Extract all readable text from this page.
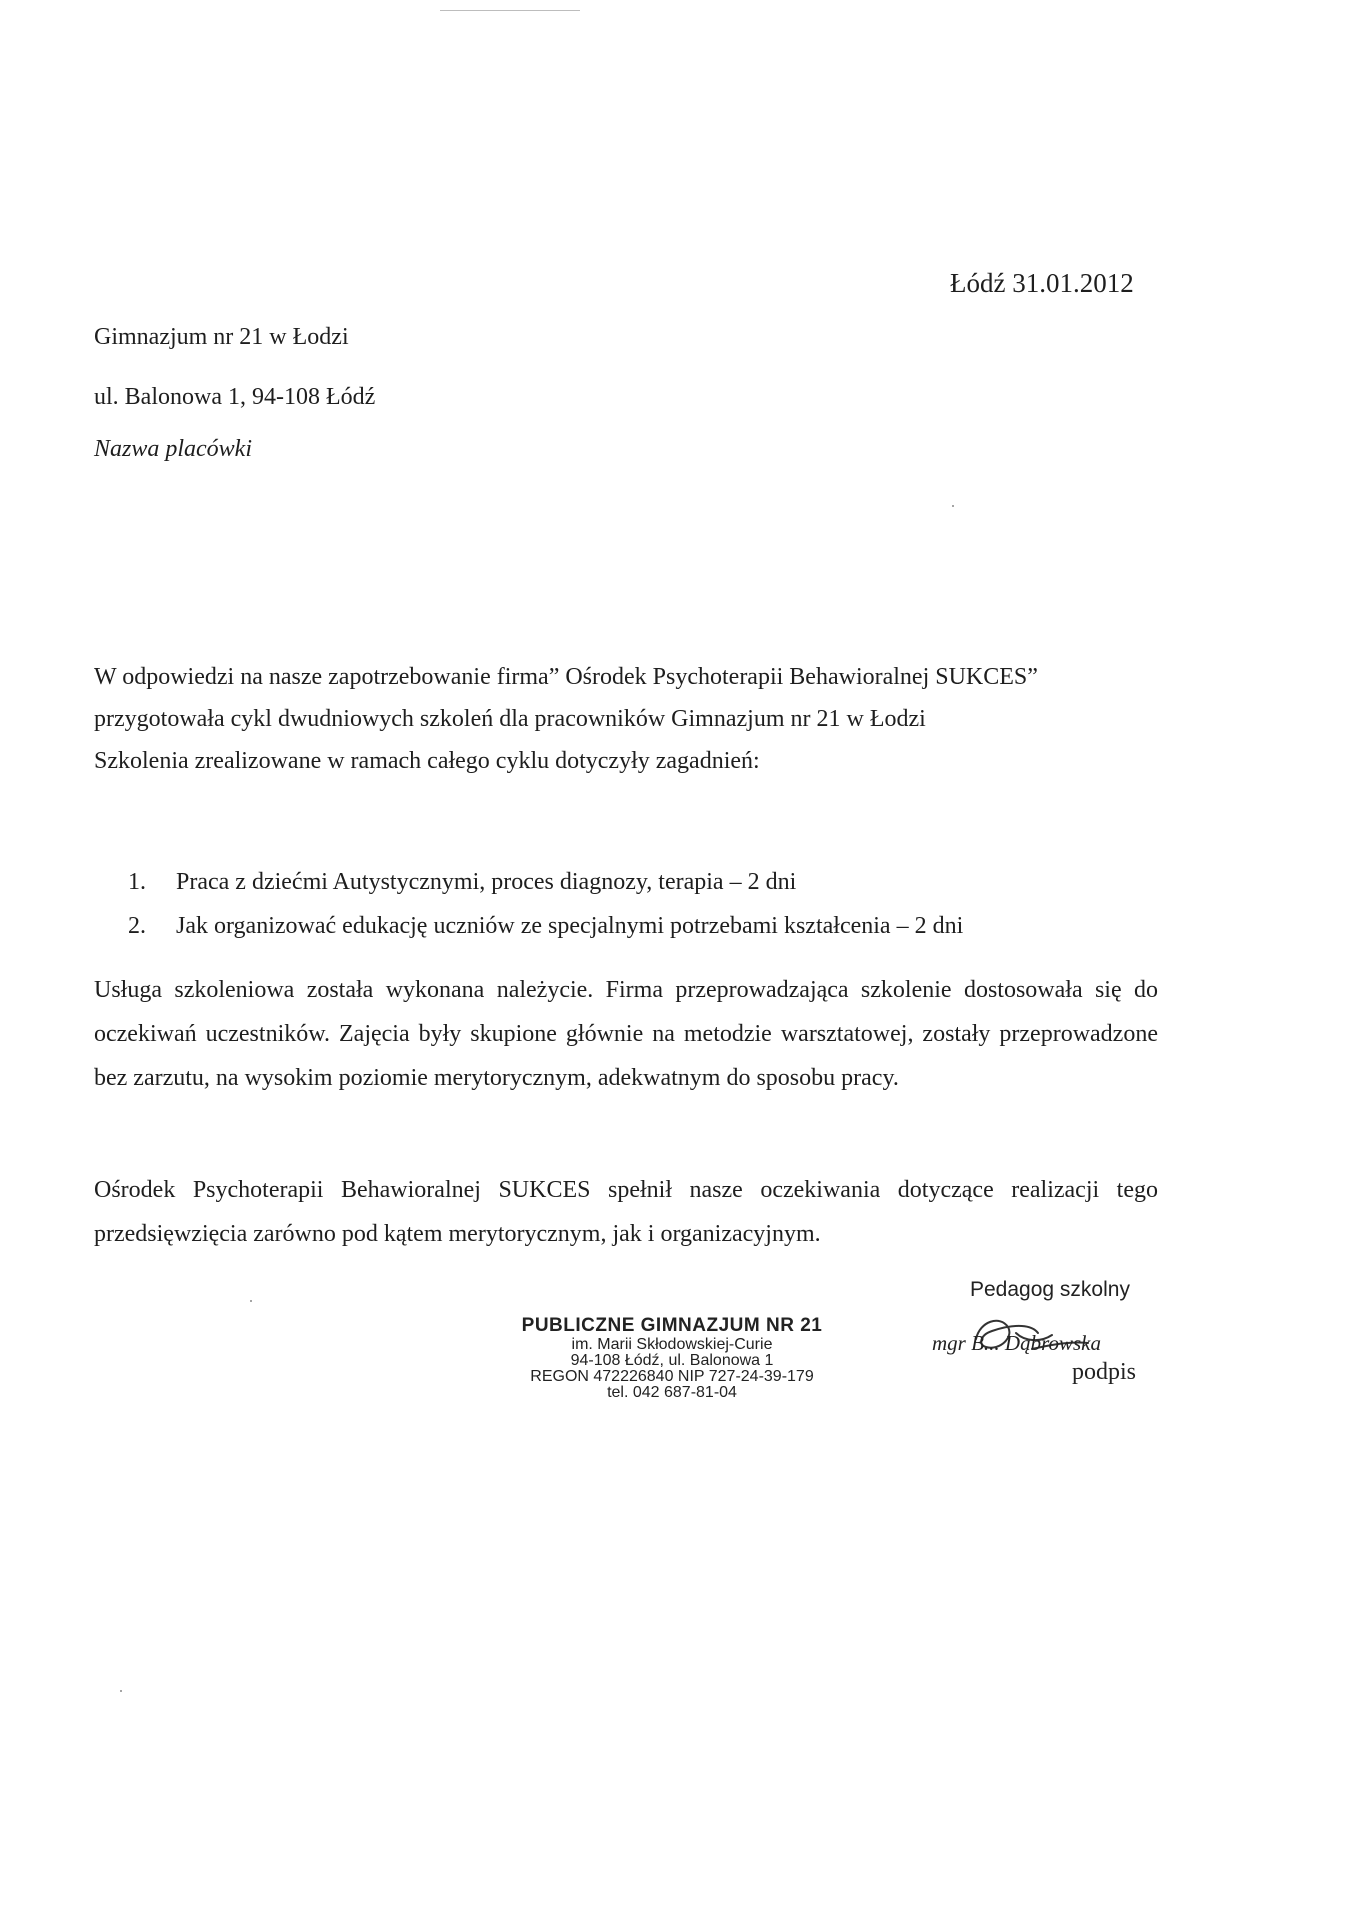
Łódź 31.01.2012
Gimnazjum nr 21 w Łodzi
ul. Balonowa 1, 94-108 Łódź
Nazwa placówki

W odpowiedzi na nasze zapotrzebowanie firma” Ośrodek Psychoterapii Behawioralnej SUKCES” przygotowała cykl dwudniowych szkoleń dla pracowników Gimnazjum nr 21 w Łodzi
Szkolenia zrealizowane w ramach całego cyklu dotyczyły zagadnień:

1. Praca z dziećmi Autystycznymi, proces diagnozy, terapia – 2 dni
2. Jak organizować edukację uczniów ze specjalnymi potrzebami kształcenia – 2 dni

Usługa szkoleniowa została wykonana należycie. Firma przeprowadzająca szkolenie dostosowała się do oczekiwań uczestników. Zajęcia były skupione głównie na metodzie warsztatowej, zostały przeprowadzone bez zarzutu, na wysokim poziomie merytorycznym, adekwatnym do sposobu pracy.

Ośrodek Psychoterapii Behawioralnej SUKCES spełnił nasze oczekiwania dotyczące realizacji tego przedsięwzięcia zarówno pod kątem merytorycznym, jak i organizacyjnym.

PUBLICZNE GIMNAZJUM NR 21
im. Marii Skłodowskiej-Curie
94-108 Łódź, ul. Balonowa 1
REGON 472226840 NIP 727-24-39-179
tel. 042 687-81-04
Pedagog szkolny
mgr B... Dąbrowska
podpis
